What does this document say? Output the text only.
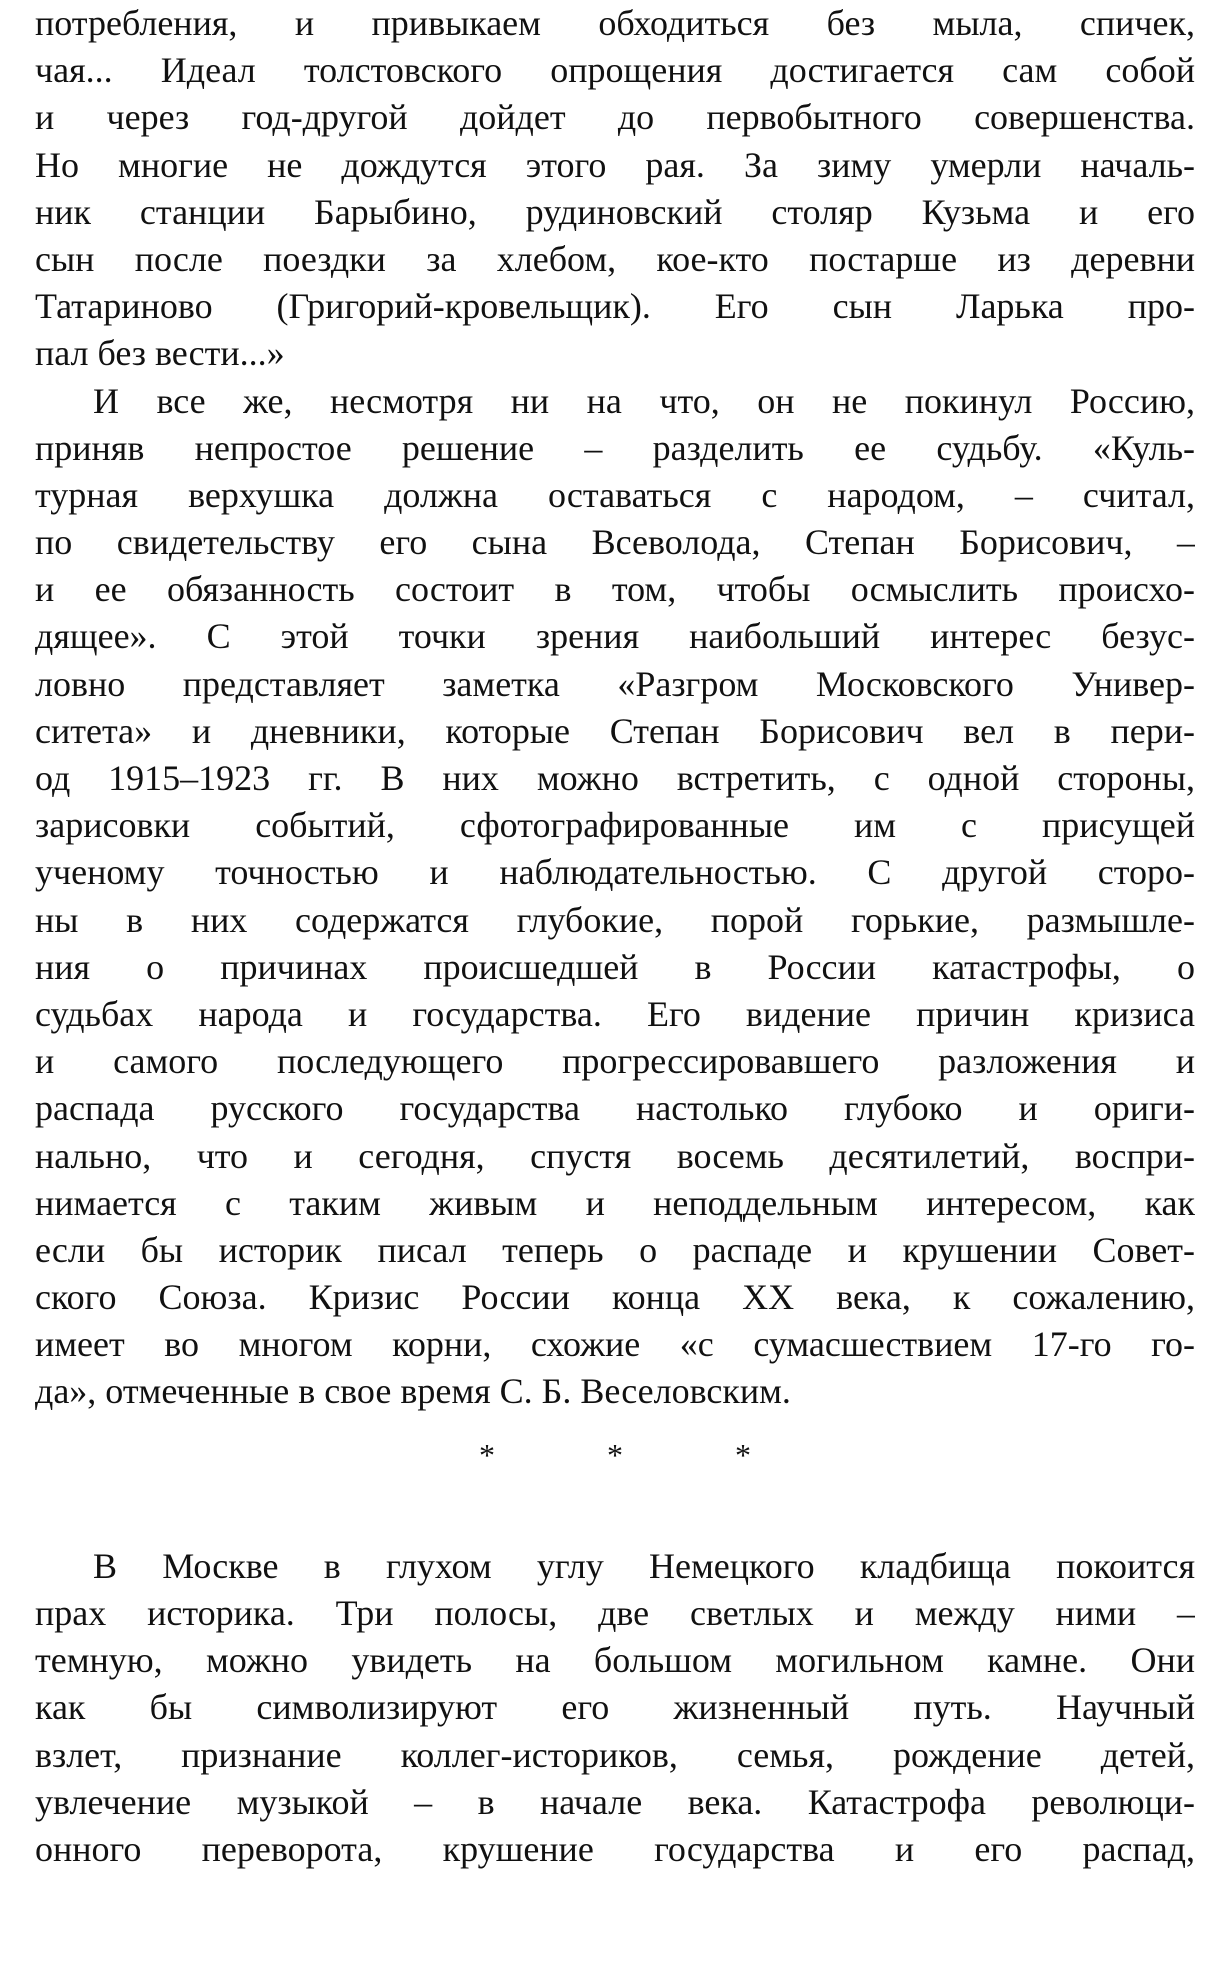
потребления, и привыкаем обходиться без мыла, спичек,
чая... Идеал толстовского опрощения достигается сам собой
и через год-другой дойдет до первобытного совершенства.
Но многие не дождутся этого рая. За зиму умерли началь-
ник станции Барыбино, рудиновский столяр Кузьма и его
сын после поездки за хлебом, кое-кто постарше из деревни
Татариново (Григорий-кровельщик). Его сын Ларька про-
пал без вести...»
И все же, несмотря ни на что, он не покинул Россию,
приняв непростое решение – разделить ее судьбу. «Куль-
турная верхушка должна оставаться с народом, – считал,
по свидетельству его сына Всеволода, Степан Борисович, –
и ее обязанность состоит в том, чтобы осмыслить происхо-
дящее». С этой точки зрения наибольший интерес безус-
ловно представляет заметка «Разгром Московского Универ-
ситета» и дневники, которые Степан Борисович вел в пери-
од 1915–1923 гг. В них можно встретить, с одной стороны,
зарисовки событий, сфотографированные им с присущей
ученому точностью и наблюдательностью. С другой сторо-
ны в них содержатся глубокие, порой горькие, размышле-
ния о причинах происшедшей в России катастрофы, о
судьбах народа и государства. Его видение причин кризиса
и самого последующего прогрессировавшего разложения и
распада русского государства настолько глубоко и ориги-
нально, что и сегодня, спустя восемь десятилетий, воспри-
нимается с таким живым и неподдельным интересом, как
если бы историк писал теперь о распаде и крушении Совет-
ского Союза. Кризис России конца XX века, к сожалению,
имеет во многом корни, схожие «с сумасшествием 17-го го-
да», отмеченные в свое время С. Б. Веселовским.
* * *
В Москве в глухом углу Немецкого кладбища покоится
прах историка. Три полосы, две светлых и между ними –
темную, можно увидеть на большом могильном камне. Они
как бы символизируют его жизненный путь. Научный
взлет, признание коллег-историков, семья, рождение детей,
увлечение музыкой – в начале века. Катастрофа революци-
онного переворота, крушение государства и его распад,
